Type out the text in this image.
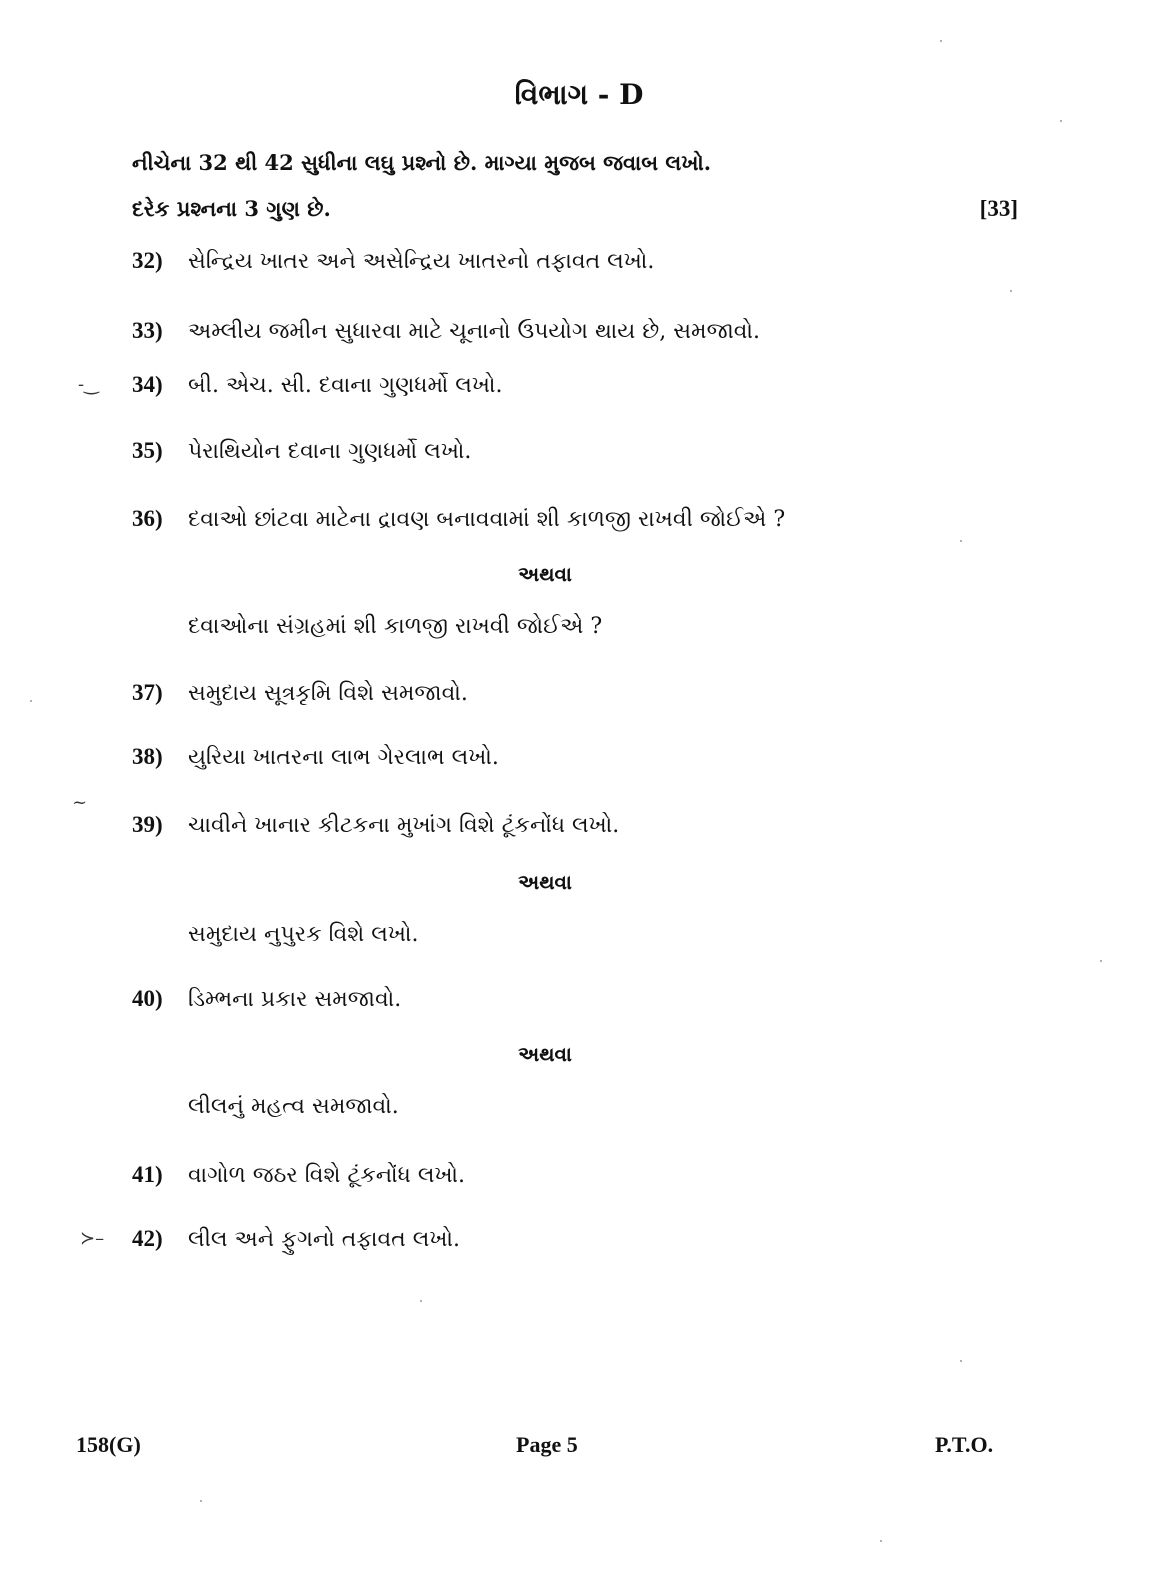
વિભાગ - D
નીચેના 32 થી 42 સુધીના લઘુ પ્રશ્નો છે. માગ્યા મુજબ જવાબ લખો.
દરેક પ્રશ્નના 3 ગુણ છે.	[33]
32) સેન્દ્રિય ખાતર અને અસેન્દ્રિય ખાતરનો તફાવત લખો.
33) અમ્લીય જમીન સુધારવા માટે ચૂનાનો ઉપયોગ થાય છે, સમજાવો.
34) બી. એચ. સી. દવાના ગુણધર્મો લખો.
35) પેરાથિયોન દવાના ગુણધર્મો લખો.
36) દવાઓ છાંટવા માટેના દ્રાવણ બનાવવામાં શી કાળજી રાખવી જોઈએ ?
અથવા
દવાઓના સંગ્રહમાં શી કાળજી રાખવી જોઈએ ?
37) સમુદાય સૂત્રકૃમિ વિશે સમજાવો.
38) યુરિયા ખાતરના લાભ ગેરલાભ લખો.
39) ચાવીને ખાનાર કીટકના મુખાંગ વિશે ટૂંકનોંધ લખો.
અથવા
સમુદાય નુપુરક વિશે લખો.
40) ડિમ્ભના પ્રકાર સમજાવો.
અથવા
લીલનું મહત્વ સમજાવો.
41) વાગોળ જઠર વિશે ટૂંકનોંધ લખો.
42) લીલ અને ફુગનો તફાવત લખો.
-‿
~
≻–
158(G)	Page 5	P.T.O.
